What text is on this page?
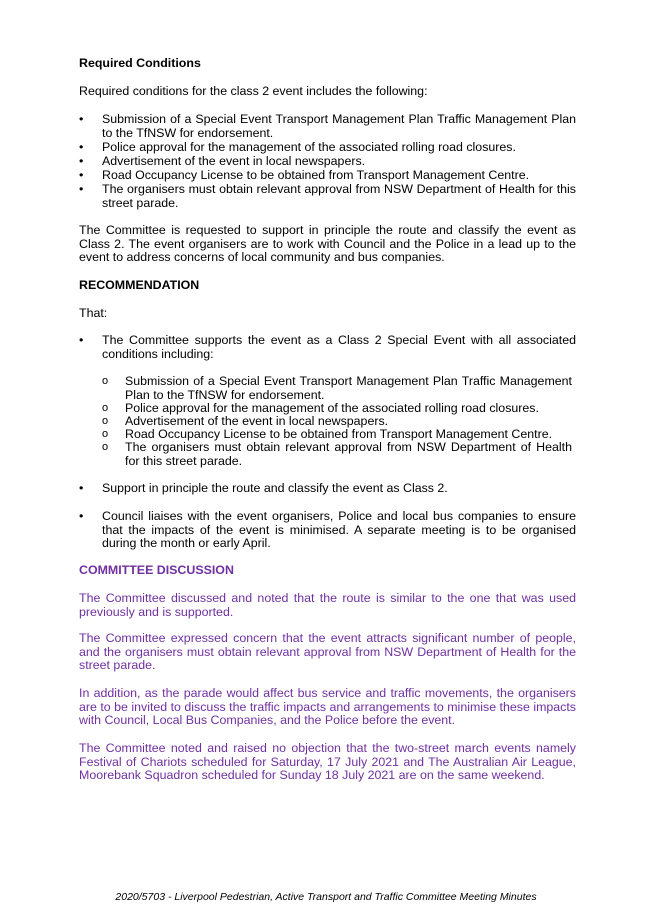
Required Conditions

Required conditions for the class 2 event includes the following:

•	Submission of a Special Event Transport Management Plan Traffic Management Plan to the TfNSW for endorsement.
•	Police approval for the management of the associated rolling road closures.
•	Advertisement of the event in local newspapers.
•	Road Occupancy License to be obtained from Transport Management Centre.
•	The organisers must obtain relevant approval from NSW Department of Health for this street parade.

The Committee is requested to support in principle the route and classify the event as Class 2. The event organisers are to work with Council and the Police in a lead up to the event to address concerns of local community and bus companies.

RECOMMENDATION

That:

•	The Committee supports the event as a Class 2 Special Event with all associated conditions including:
o Submission of a Special Event Transport Management Plan Traffic Management Plan to the TfNSW for endorsement.
o Police approval for the management of the associated rolling road closures.
o Advertisement of the event in local newspapers.
o Road Occupancy License to be obtained from Transport Management Centre.
o The organisers must obtain relevant approval from NSW Department of Health for this street parade.
•	Support in principle the route and classify the event as Class 2.
•	Council liaises with the event organisers, Police and local bus companies to ensure that the impacts of the event is minimised. A separate meeting is to be organised during the month or early April.

COMMITTEE DISCUSSION

The Committee discussed and noted that the route is similar to the one that was used previously and is supported.

The Committee expressed concern that the event attracts significant number of people, and the organisers must obtain relevant approval from NSW Department of Health for the street parade.

In addition, as the parade would affect bus service and traffic movements, the organisers are to be invited to discuss the traffic impacts and arrangements to minimise these impacts with Council, Local Bus Companies, and the Police before the event.

The Committee noted and raised no objection that the two-street march events namely Festival of Chariots scheduled for Saturday, 17 July 2021 and The Australian Air League, Moorebank Squadron scheduled for Sunday 18 July 2021 are on the same weekend.

2020/5703 - Liverpool Pedestrian, Active Transport and Traffic Committee Meeting Minutes
